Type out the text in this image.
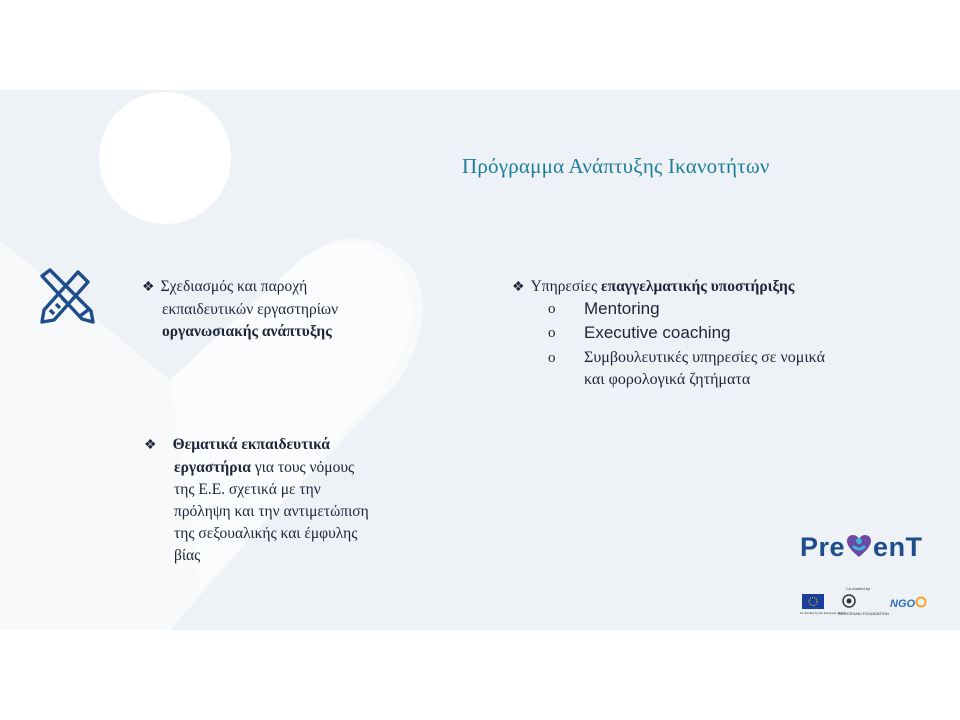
Πρόγραμμα Ανάπτυξης Ικανοτήτων
❖ Σχεδιασμός και παροχή
εκπαιδευτικών εργαστηρίων
οργανωσιακής ανάπτυξης
❖ Θεματικά εκπαιδευτικά
εργαστήρια για τους νόμους
της Ε.Ε. σχετικά με την
πρόληψη και την αντιμετώπιση
της σεξουαλικής και έμφυλης
βίας
❖ Υπηρεσίες επαγγελματικής υποστήριξης
o Mentoring
o Executive coaching
o Συμβουλευτικές υπηρεσίες σε νομικά
και φορολογικά ζητήματα
Pre enT
Co-funded by
Co-funded by the European Union
BODOSSAKI FOUNDATION
NGO
